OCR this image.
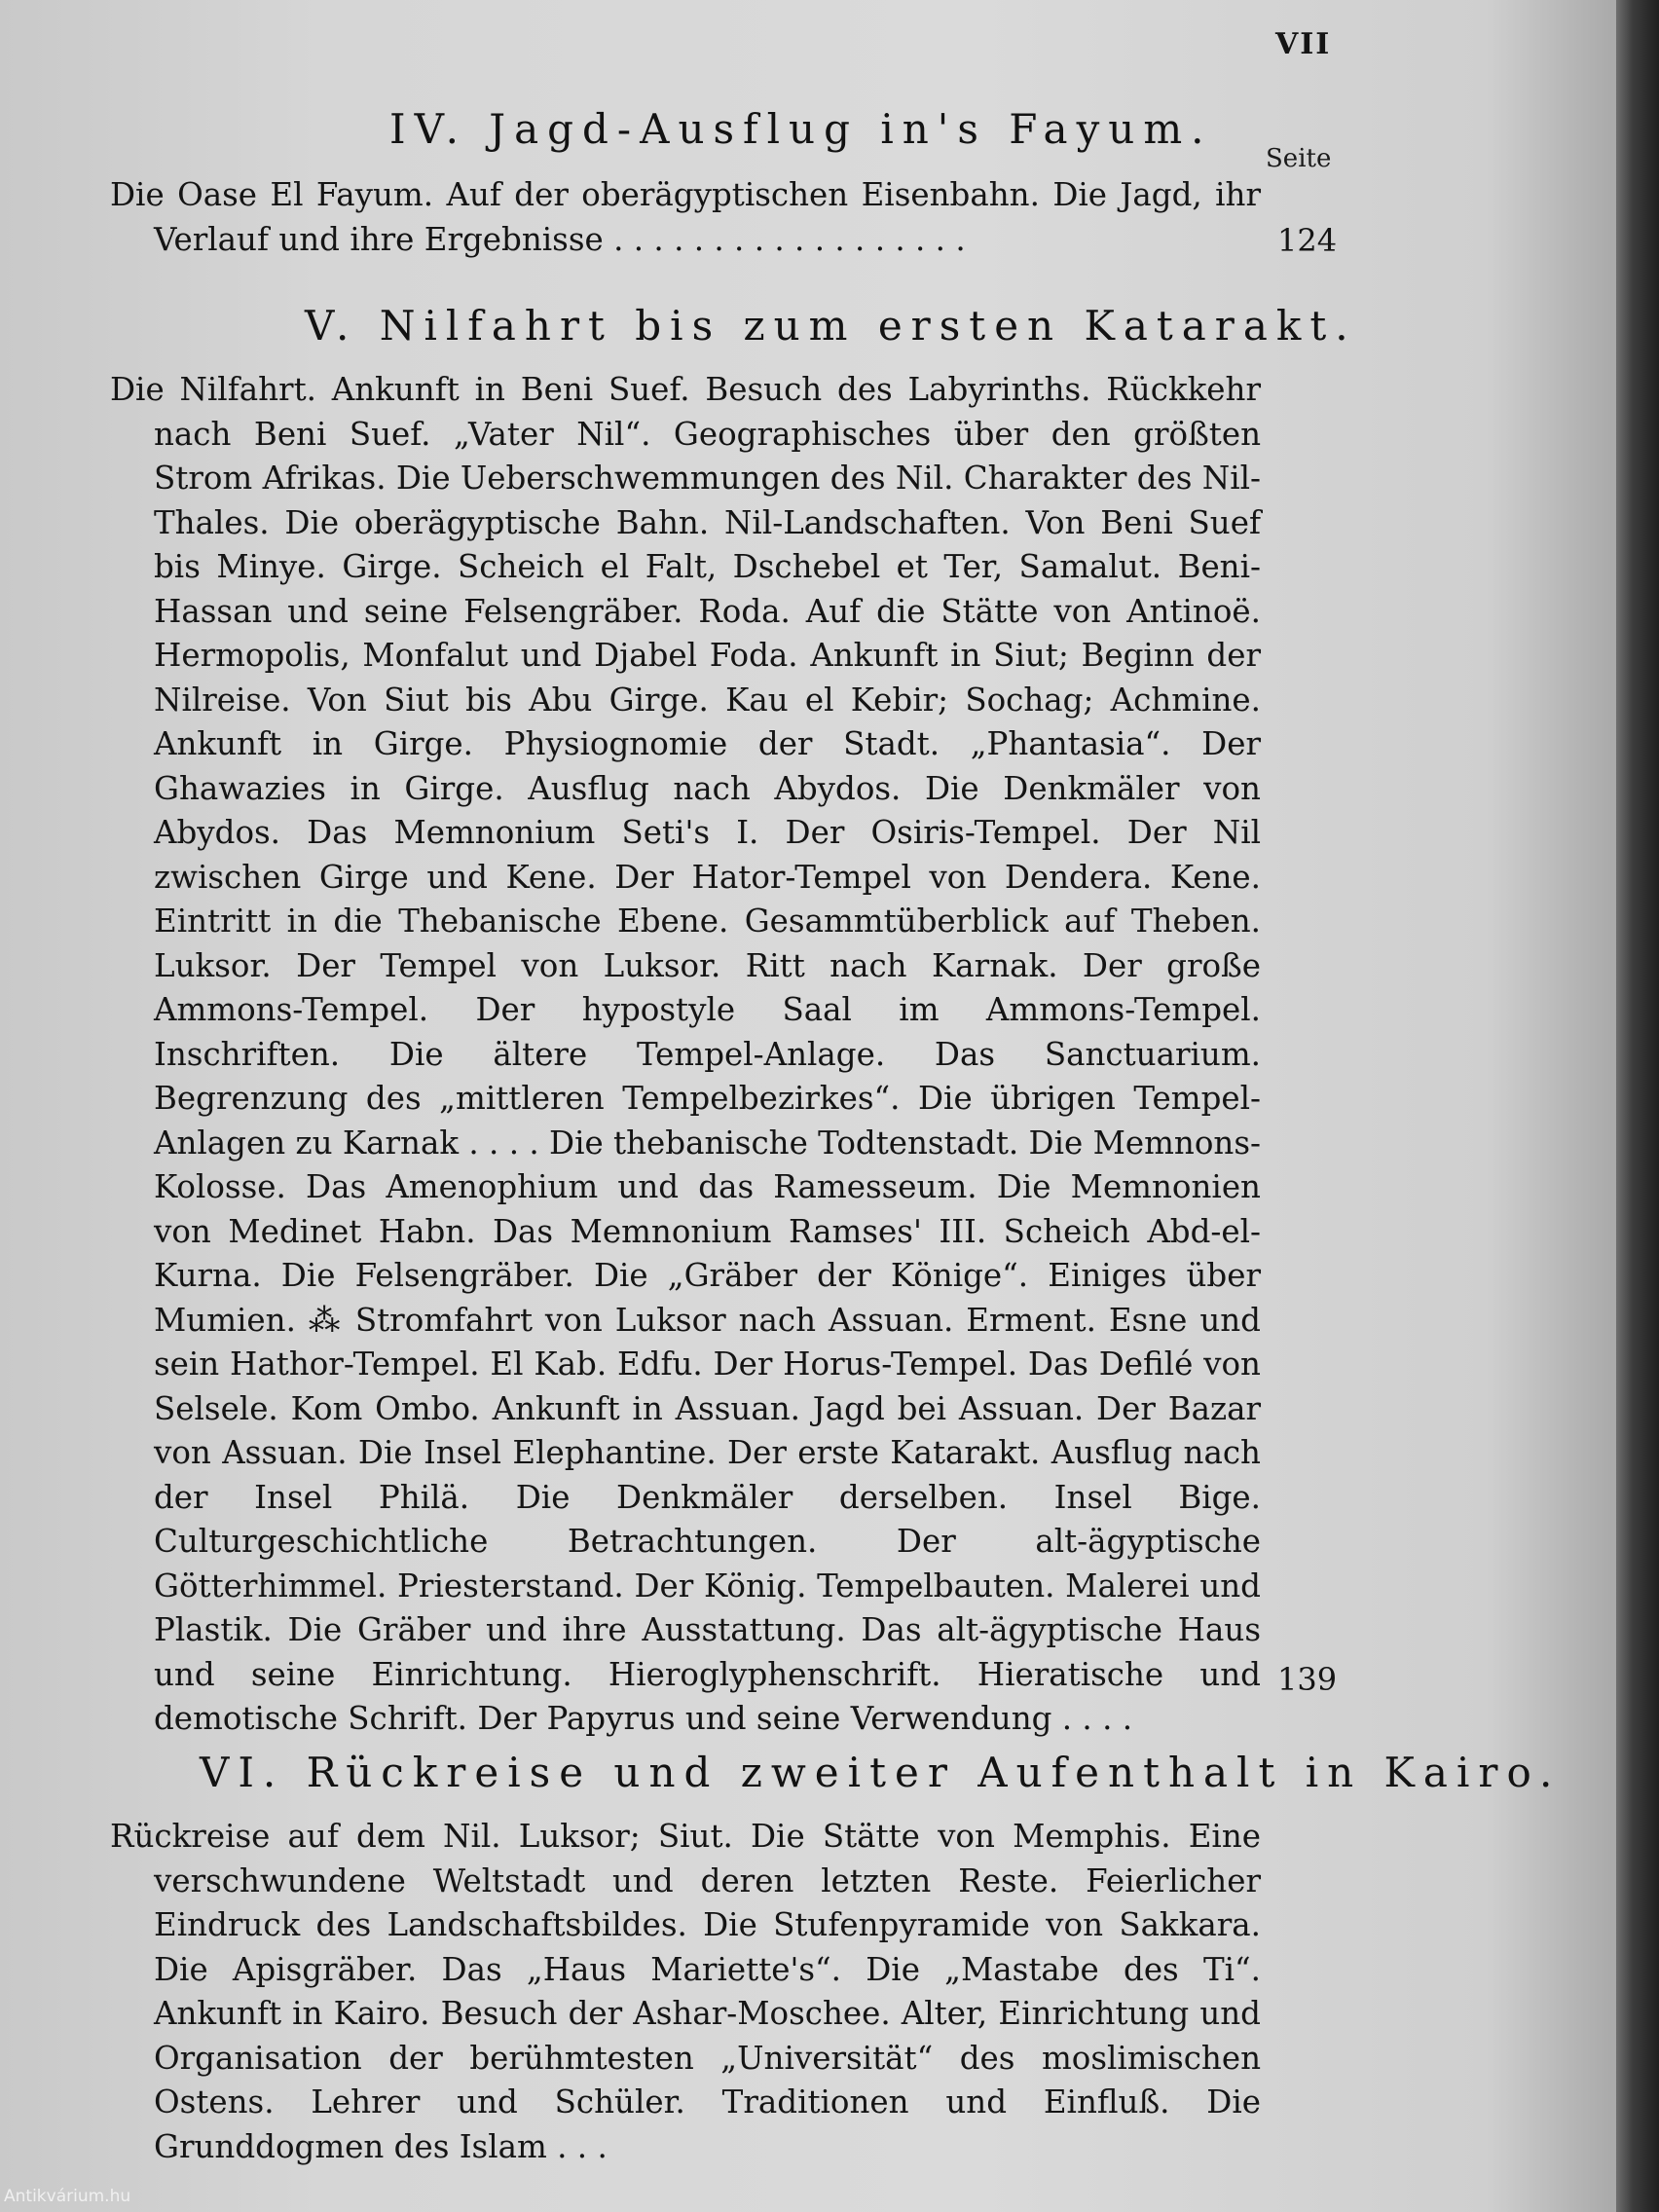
VII
Seite
IV. Jagd-Ausflug in's Fayum.
Die Oase El Fayum. Auf der oberägyptischen Eisenbahn. Die Jagd, ihr Verlauf und ihre Ergebnisse . . . . . . . . . . . . . . . . . .	124
V. Nilfahrt bis zum ersten Katarakt.
Die Nilfahrt. Ankunft in Beni Suef. Besuch des Labyrinths. Rückkehr nach Beni Suef. „Vater Nil“. Geographisches über den größten Strom Afrikas. Die Ueberschwemmungen des Nil. Charakter des Nil-Thales. Die oberägyptische Bahn. Nil-Landschaften. Von Beni Suef bis Minye. Girge. Scheich el Falt, Dschebel et Ter, Samalut. Beni-Hassan und seine Felsengräber. Roda. Auf die Stätte von Antinoë. Hermopolis, Monfalut und Djabel Foda. Ankunft in Siut; Beginn der Nilreise. Von Siut bis Abu Girge. Kau el Kebir; Sochag; Achmine. Ankunft in Girge. Physiognomie der Stadt. „Phantasia“. Der Ghawazies in Girge. Ausflug nach Abydos. Die Denkmäler von Abydos. Das Memnonium Seti's I. Der Osiris-Tempel. Der Nil zwischen Girge und Kene. Der Hator-Tempel von Dendera. Kene. Eintritt in die Thebanische Ebene. Gesammtüberblick auf Theben. Luksor. Der Tempel von Luksor. Ritt nach Karnak. Der große Ammons-Tempel. Der hypostyle Saal im Ammons-Tempel. Inschriften. Die ältere Tempel-Anlage. Das Sanctuarium. Begrenzung des „mittleren Tempelbezirkes“. Die übrigen Tempel-Anlagen zu Karnak . . . . Die thebanische Todtenstadt. Die Memnons-Kolosse. Das Amenophium und das Ramesseum. Die Memnonien von Medinet Habn. Das Memnonium Ramses' III. Scheich Abd-el-Kurna. Die Felsengräber. Die „Gräber der Könige“. Einiges über Mumien. ⁂ Stromfahrt von Luksor nach Assuan. Erment. Esne und sein Hathor-Tempel. El Kab. Edfu. Der Horus-Tempel. Das Defilé von Selsele. Kom Ombo. Ankunft in Assuan. Jagd bei Assuan. Der Bazar von Assuan. Die Insel Elephantine. Der erste Katarakt. Ausflug nach der Insel Philä. Die Denkmäler derselben. Insel Bige. Culturgeschichtliche Betrachtungen. Der alt-ägyptische Götterhimmel. Priesterstand. Der König. Tempelbauten. Malerei und Plastik. Die Gräber und ihre Ausstattung. Das alt-ägyptische Haus und seine Einrichtung. Hieroglyphenschrift. Hieratische und demotische Schrift. Der Papyrus und seine Verwendung . . . .
139
VI. Rückreise und zweiter Aufenthalt in Kairo.
Rückreise auf dem Nil. Luksor; Siut. Die Stätte von Memphis. Eine verschwundene Weltstadt und deren letzten Reste. Feierlicher Eindruck des Landschaftsbildes. Die Stufenpyramide von Sakkara. Die Apisgräber. Das „Haus Mariette's“. Die „Mastabe des Ti“. Ankunft in Kairo. Besuch der Ashar-Moschee. Alter, Einrichtung und Organisation der berühmtesten „Universität“ des moslimischen Ostens. Lehrer und Schüler. Traditionen und Einfluß. Die Grunddogmen des Islam . . .
Antikvárium.hu
